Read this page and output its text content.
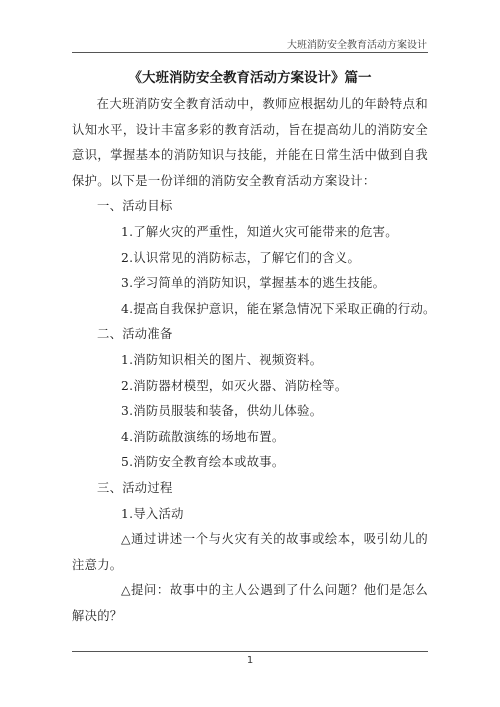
大班消防安全教育活动方案设计
《大班消防安全教育活动方案设计》篇一

在大班消防安全教育活动中，教师应根据幼儿的年龄特点和认知水平，设计丰富多彩的教育活动，旨在提高幼儿的消防安全意识，掌握基本的消防知识与技能，并能在日常生活中做到自我保护。以下是一份详细的消防安全教育活动方案设计：

一、活动目标

1.了解火灾的严重性，知道火灾可能带来的危害。

2.认识常见的消防标志，了解它们的含义。

3.学习简单的消防知识，掌握基本的逃生技能。

4.提高自我保护意识，能在紧急情况下采取正确的行动。

二、活动准备

1.消防知识相关的图片、视频资料。

2.消防器材模型，如灭火器、消防栓等。

3.消防员服装和装备，供幼儿体验。

4.消防疏散演练的场地布置。

5.消防安全教育绘本或故事。

三、活动过程

1.导入活动

△通过讲述一个与火灾有关的故事或绘本，吸引幼儿的注意力。

△提问：故事中的主人公遇到了什么问题？他们是怎么解决的？

1
